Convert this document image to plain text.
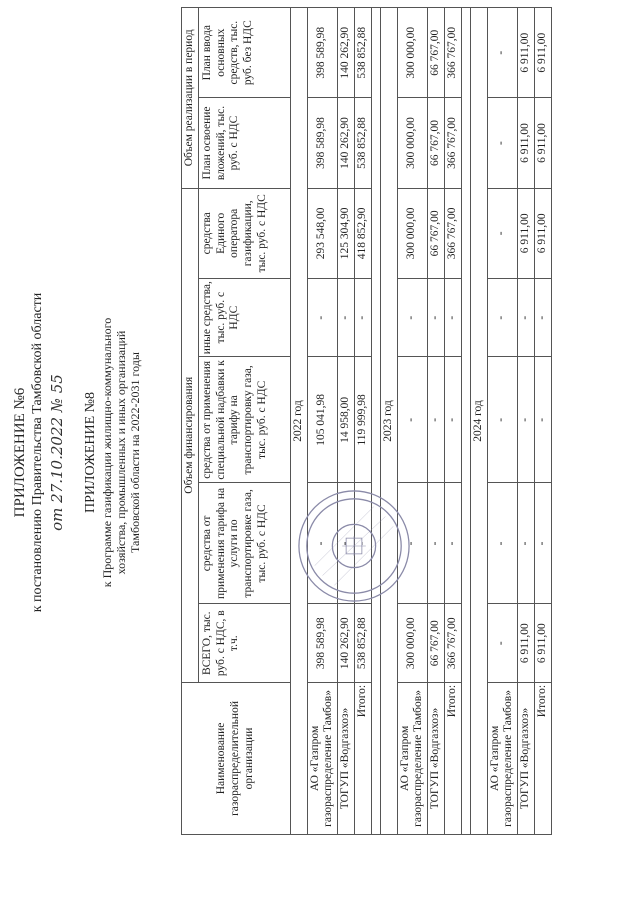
ПРИЛОЖЕНИЕ №6 к постановлению Правительства Тамбовской области от 27.10.2022 № 55 ПРИЛОЖЕНИЕ №8 к Программе газификации жилищно-коммунального хозяйства, промышленных и иных организаций Тамбовской области на 2022-2031 годы
Наименование газораспределительной организации	Объем финансирования					Объем реализации в период	
	ВСЕГО, тыс. руб. с НДС, в т.ч.	средства от применения тарифа на услуги по транспортировке газа, тыс. руб. с НДС	средства от применения специальной надбавки к тарифу на транспортировку газа, тыс. руб. с НДС	иные средства, тыс. руб. с НДС	средства Единого оператора газификации, тыс. руб. с НДС	План освоение вложений, тыс. руб. с НДС	План ввода основных средств, тыс. руб. без НДС
2022 год							
АО «Газпром газораспределение Тамбов»	398 589,98	-	105 041,98	-	293 548,00	398 589,98	398 589,98
ТОГУП «Водгазхоз»	140 262,90	-	14 958,00	-	125 304,90	140 262,90	140 262,90
Итого:	538 852,88	-	119 999,98	-	418 852,90	538 852,88	538 852,88

2023 год							
АО «Газпром газораспределение Тамбов»	300 000,00	-	-	-	300 000,00	300 000,00	300 000,00
ТОГУП «Водгазхоз»	66 767,00	-	-	-	66 767,00	66 767,00	66 767,00
Итого:	366 767,00	-	-	-	366 767,00	366 767,00	366 767,00

2024 год							
АО «Газпром газораспределение Тамбов»	-	-	-	-	-	-	-
ТОГУП «Водгазхоз»	6 911,00	-	-	-	6 911,00	6 911,00	6 911,00
Итого:	6 911,00	-	-	-	6 911,00	6 911,00	6 911,00
